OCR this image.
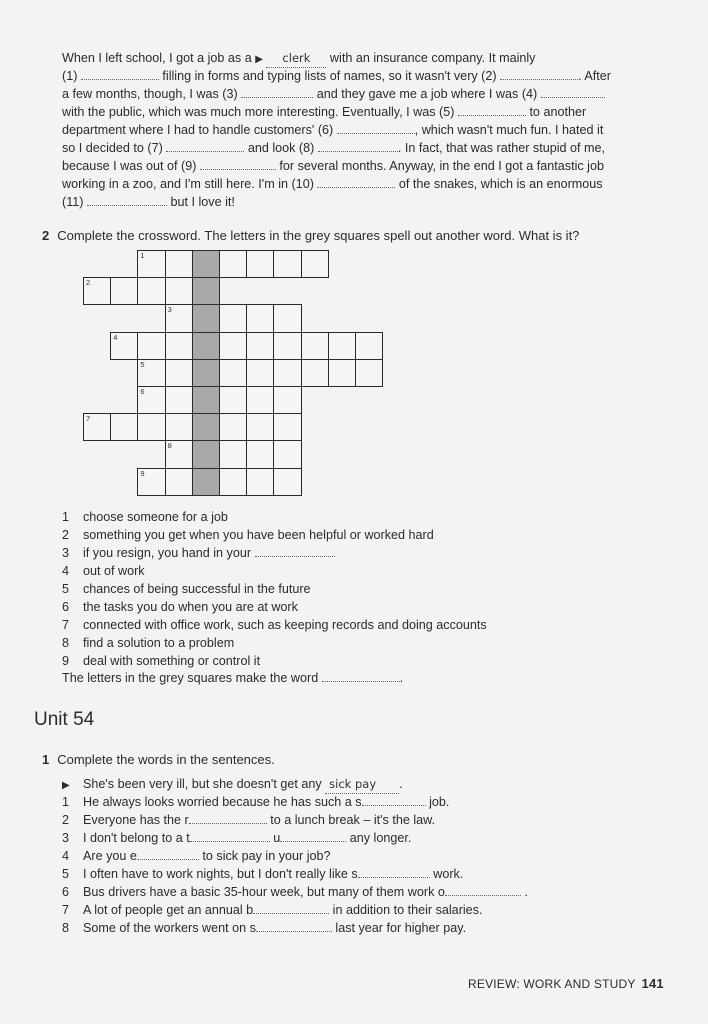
When I left school, I got a job as a ▶ clerk with an insurance company. It mainly
(1)	filling in forms and typing lists of names, so it wasn't very (2)	. After
a few months, though, I was (3)	and they gave me a job where I was (4)
with the public, which was much more interesting. Eventually, I was (5)	to another
department where I had to handle customers' (6)	, which wasn't much fun. I hated it
so I decided to (7)	and look (8)	. In fact, that was rather stupid of me,
because I was out of (9)	for several months. Anyway, in the end I got a fantastic job
working in a zoo, and I'm still here. I'm in (10)	of the snakes, which is an enormous
(11)	but I love it!
2 Complete the crossword. The letters in the grey squares spell out another word. What is it?
1
2
3
4
5
6
7
8
9
1 choose someone for a job
2 something you get when you have been helpful or worked hard
3 if you resign, you hand in your
4 out of work
5 chances of being successful in the future
6 the tasks you do when you are at work
7 connected with office work, such as keeping records and doing accounts
8 find a solution to a problem
9 deal with something or control it
The letters in the grey squares make the word	.
Unit 54
1 Complete the words in the sentences.
▶ She's been very ill, but she doesn't get any sick pay .
1 He always looks worried because he has such a s	job.
2 Everyone has the r	to a lunch break – it's the law.
3 I don't belong to a t	u	any longer.
4 Are you e	to sick pay in your job?
5 I often have to work nights, but I don't really like s	work.
6 Bus drivers have a basic 35-hour week, but many of them work o	.
7 A lot of people get an annual b	in addition to their salaries.
8 Some of the workers went on s	last year for higher pay.
REVIEW: WORK AND STUDY 141
